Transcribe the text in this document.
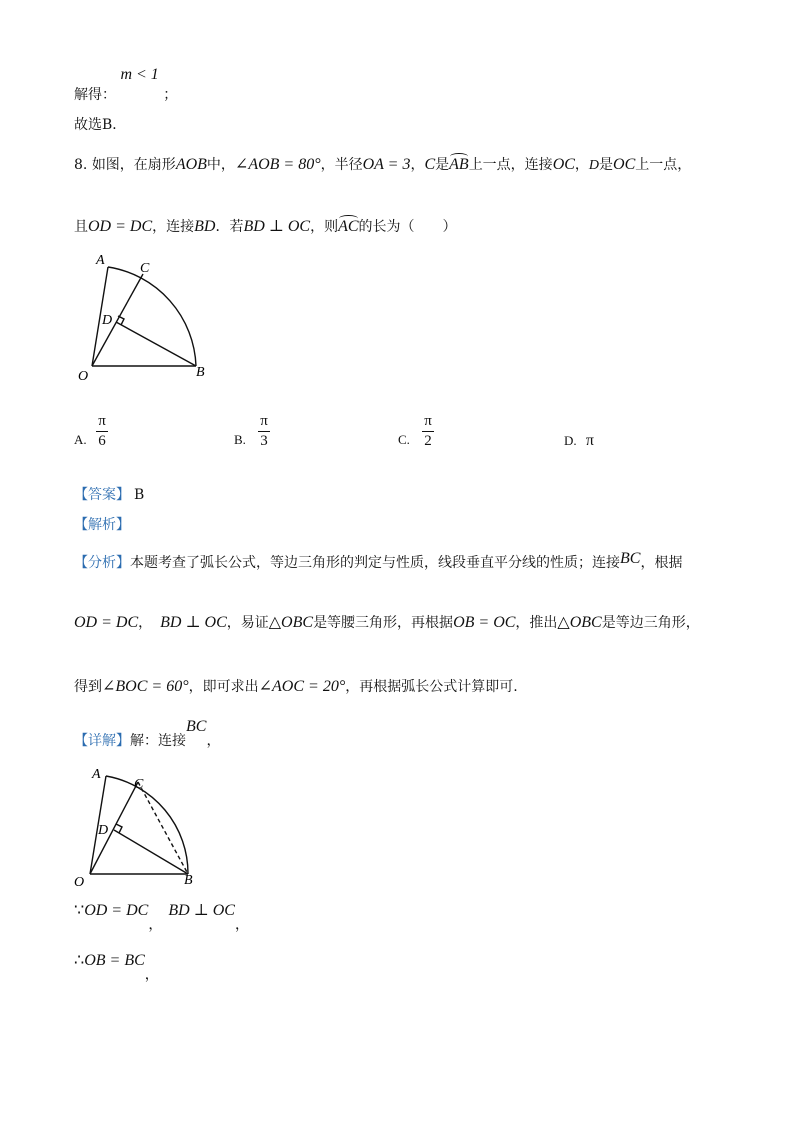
解得： m < 1 ；
故选B．
8. 如图，在扇形AOB中，∠AOB = 80°，半径OA = 3，C是AB上一点，连接OC，D是OC上一点，
且OD = DC，连接BD．若BD ⊥ OC，则AC的长为（　　）
A
C
D
O	B
A.
π
6	B.
π
3	C.
π
2	D. π
【答案】 B
【解析】
【分析】本题考查了弧长公式，等边三角形的判定与性质，线段垂直平分线的性质；连接BC，根据
OD = DC， BD ⊥ OC，易证△OBC是等腰三角形，再根据OB = OC，推出△OBC是等边三角形，
得到∠BOC = 60°，即可求出∠AOC = 20°，再根据弧长公式计算即可.
【详解】解：连接BC，
A
C
D
O	B
∵OD = DC，BD ⊥ OC，
∴OB = BC，
